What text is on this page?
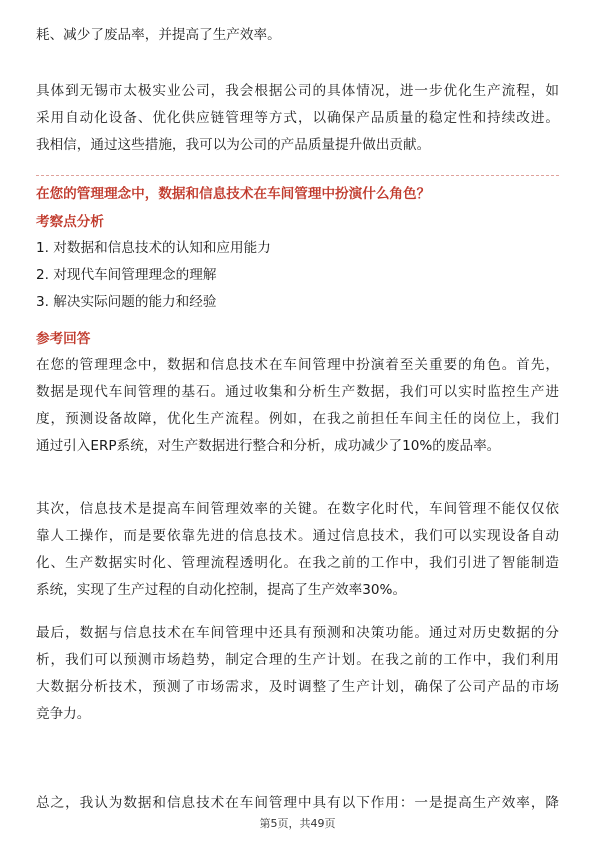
耗、减少了废品率，并提高了生产效率。
具体到无锡市太极实业公司，我会根据公司的具体情况，进一步优化生产流程，如
采用自动化设备、优化供应链管理等方式，以确保产品质量的稳定性和持续改进。
我相信，通过这些措施，我可以为公司的产品质量提升做出贡献。

在您的管理理念中，数据和信息技术在车间管理中扮演什么角色？

考察点分析

1. 对数据和信息技术的认知和应用能力

2. 对现代车间管理理念的理解

3. 解决实际问题的能力和经验

参考回答

在您的管理理念中，数据和信息技术在车间管理中扮演着至关重要的角色。首先，
数据是现代车间管理的基石。通过收集和分析生产数据，我们可以实时监控生产进
度，预测设备故障，优化生产流程。例如，在我之前担任车间主任的岗位上，我们
通过引入ERP系统，对生产数据进行整合和分析，成功减少了10%的废品率。
其次，信息技术是提高车间管理效率的关键。在数字化时代，车间管理不能仅仅依
靠人工操作，而是要依靠先进的信息技术。通过信息技术，我们可以实现设备自动
化、生产数据实时化、管理流程透明化。在我之前的工作中，我们引进了智能制造
系统，实现了生产过程的自动化控制，提高了生产效率30%。
最后，数据与信息技术在车间管理中还具有预测和决策功能。通过对历史数据的分
析，我们可以预测市场趋势，制定合理的生产计划。在我之前的工作中，我们利用
大数据分析技术，预测了市场需求，及时调整了生产计划，确保了公司产品的市场
竞争力。
总之，我认为数据和信息技术在车间管理中具有以下作用：一是提高生产效率，降
第5页，共49页
